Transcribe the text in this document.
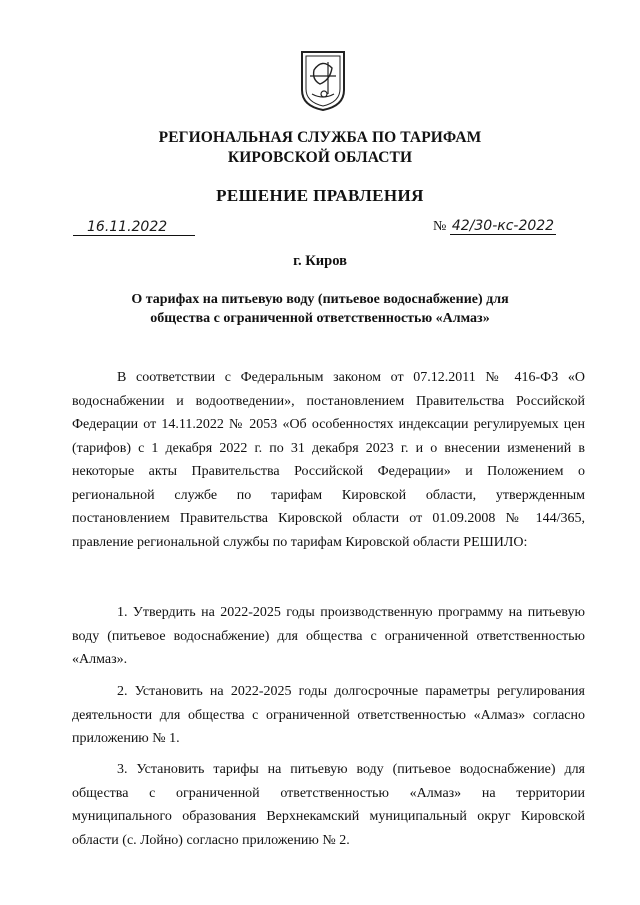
РЕГИОНАЛЬНАЯ СЛУЖБА ПО ТАРИФАМ
КИРОВСКОЙ ОБЛАСТИ
РЕШЕНИЕ ПРАВЛЕНИЯ
16.11.2022	№ 42/30-кс-2022
г. Киров
О тарифах на питьевую воду (питьевое водоснабжение) для
общества с ограниченной ответственностью «Алмаз»

В соответствии с Федеральным законом от 07.12.2011 № 416-ФЗ «О водоснабжении и водоотведении», постановлением Правительства Российской Федерации от 14.11.2022 № 2053 «Об особенностях индексации регулируемых цен (тарифов) с 1 декабря 2022 г. по 31 декабря 2023 г. и о внесении изменений в некоторые акты Правительства Российской Федерации» и Положением о региональной службе по тарифам Кировской области, утвержденным постановлением Правительства Кировской области от 01.09.2008 № 144/365, правление региональной службы по тарифам Кировской области РЕШИЛО:

1. Утвердить на 2022-2025 годы производственную программу на питьевую воду (питьевое водоснабжение) для общества с ограниченной ответственностью «Алмаз».

2. Установить на 2022-2025 годы долгосрочные параметры регулирования деятельности для общества с ограниченной ответственностью «Алмаз» согласно приложению № 1.

3. Установить тарифы на питьевую воду (питьевое водоснабжение) для общества с ограниченной ответственностью «Алмаз» на территории муниципального образования Верхнекамский муниципальный округ Кировской области (с. Лойно) согласно приложению № 2.
